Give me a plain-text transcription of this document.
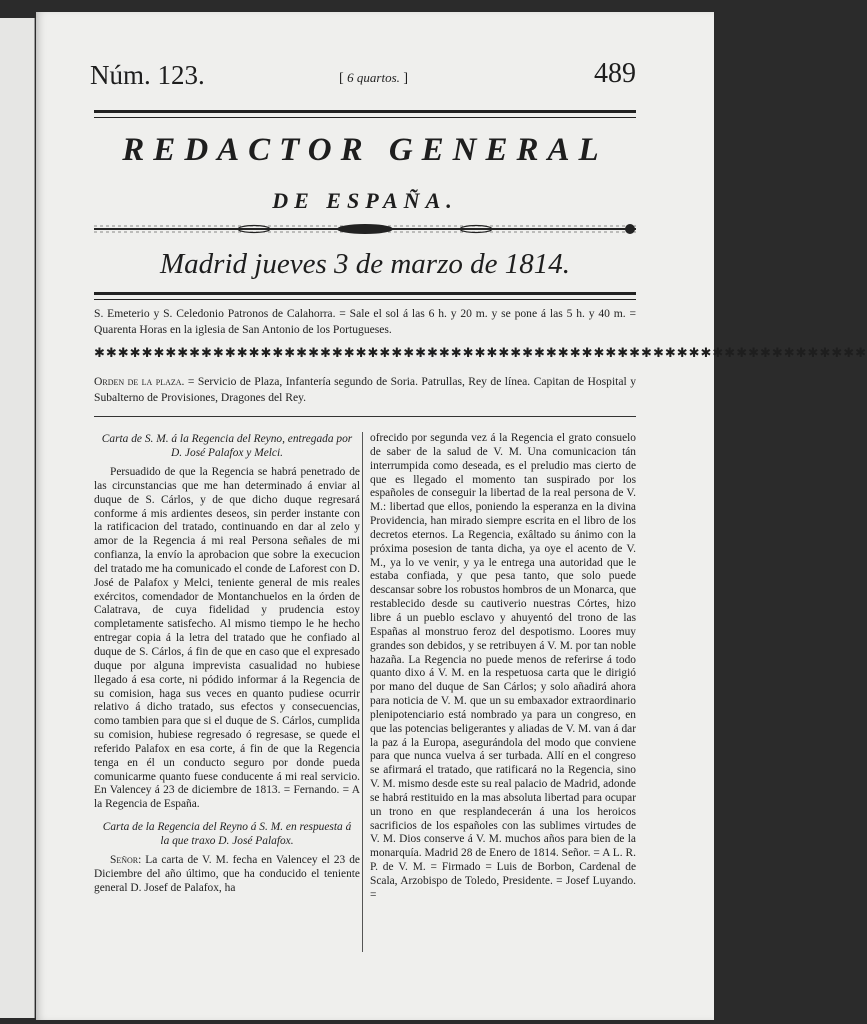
Núm. 123.	[ 6 quartos. ]	489
REDACTOR GENERAL
DE ESPAÑA.
Madrid jueves 3 de marzo de 1814.
S. Emeterio y S. Celedonio Patronos de Calahorra. = Sale el sol á las 6 h. y 20 m. y se pone á las 5 h. y 40 m. = Quarenta Horas en la iglesia de San Antonio de los Portugueses.
✱✱✱✱✱✱✱✱✱✱✱✱✱✱✱✱✱✱✱✱✱✱✱✱✱✱✱✱✱✱✱✱✱✱✱✱✱✱✱✱✱✱✱✱✱✱✱✱✱✱✱✱✱✱✱✱✱✱✱✱✱✱✱✱✱
Orden de la plaza. = Servicio de Plaza, Infantería segundo de Soria. Patrullas, Rey de línea. Capitan de Hospital y Subalterno de Provisiones, Dragones del Rey.
Carta de S. M. á la Regencia del Reyno, entregada por D. José Palafox y Melci.
Persuadido de que la Regencia se habrá penetrado de las circunstancias que me han determinado á enviar al duque de S. Cárlos, y de que dicho duque regresará conforme á mis ardientes deseos, sin perder instante con la ratificacion del tratado, continuando en dar al zelo y amor de la Regencia á mi real Persona señales de mi confianza, la envío la aprobacion que sobre la execucion del tratado me ha comunicado el conde de Laforest con D. José de Palafox y Melci, teniente general de mis reales exércitos, comendador de Montanchuelos en la órden de Calatrava, de cuya fidelidad y prudencia estoy completamente satisfecho. Al mismo tiempo le he hecho entregar copia á la letra del tratado que he confiado al duque de S. Cárlos, á fin de que en caso que el expresado duque por alguna imprevista casualidad no hubiese llegado á esa corte, ni pódido informar á la Regencia de su comision, haga sus veces en quanto pudiese ocurrir relativo á dicho tratado, sus efectos y consecuencias, como tambien para que si el duque de S. Cárlos, cumplida su comision, hubiese regresado ó regresase, se quede el referido Palafox en esa corte, á fin de que la Regencia tenga en él un conducto seguro por donde pueda comunicarme quanto fuese conducente á mi real servicio. En Valencey á 23 de diciembre de 1813. = Fernando. = A la Regencia de España.
Carta de la Regencia del Reyno á S. M. en respuesta á la que traxo D. José Palafox.
Señor: La carta de V. M. fecha en Valencey el 23 de Diciembre del año último, que ha conducido el teniente general D. Josef de Palafox, ha
ofrecido por segunda vez á la Regencia el grato consuelo de saber de la salud de V. M. Una comunicacion tán interrumpida como deseada, es el preludio mas cierto de que es llegado el momento tan suspirado por los españoles de conseguir la libertad de la real persona de V. M.: libertad que ellos, poniendo la esperanza en la divina Providencia, han mirado siempre escrita en el libro de los decretos eternos. La Regencia, exâltado su ánimo con la próxima posesion de tanta dicha, ya oye el acento de V. M., ya lo ve venir, y ya le entrega una autoridad que le estaba confiada, y que pesa tanto, que solo puede descansar sobre los robustos hombros de un Monarca, que restablecido desde su cautiverio nuestras Córtes, hizo libre á un pueblo esclavo y ahuyentó del trono de las Españas al monstruo feroz del despotismo. Loores muy grandes son debidos, y se retribuyen á V. M. por tan noble hazaña. La Regencia no puede menos de referirse á todo quanto dixo á V. M. en la respetuosa carta que le dirigió por mano del duque de San Cárlos; y solo añadirá ahora para noticia de V. M. que un su embaxador extraordinario plenipotenciario está nombrado ya para un congreso, en que las potencias beligerantes y aliadas de V. M. van á dar la paz á la Europa, asegurándola del modo que conviene para que nunca vuelva á ser turbada. Allí en el congreso se afirmará el tratado, que ratificará no la Regencia, sino V. M. mismo desde este su real palacio de Madrid, adonde se habrá restituido en la mas absoluta libertad para ocupar un trono en que resplandecerán á una los heroicos sacrificios de los españoles con las sublimes virtudes de V. M. Dios conserve á V. M. muchos años para bien de la monarquía. Madrid 28 de Enero de 1814. Señor. = A L. R. P. de V. M. = Firmado = Luis de Borbon, Cardenal de Scala, Arzobispo de Toledo, Presidente. = Josef Luyando. =
